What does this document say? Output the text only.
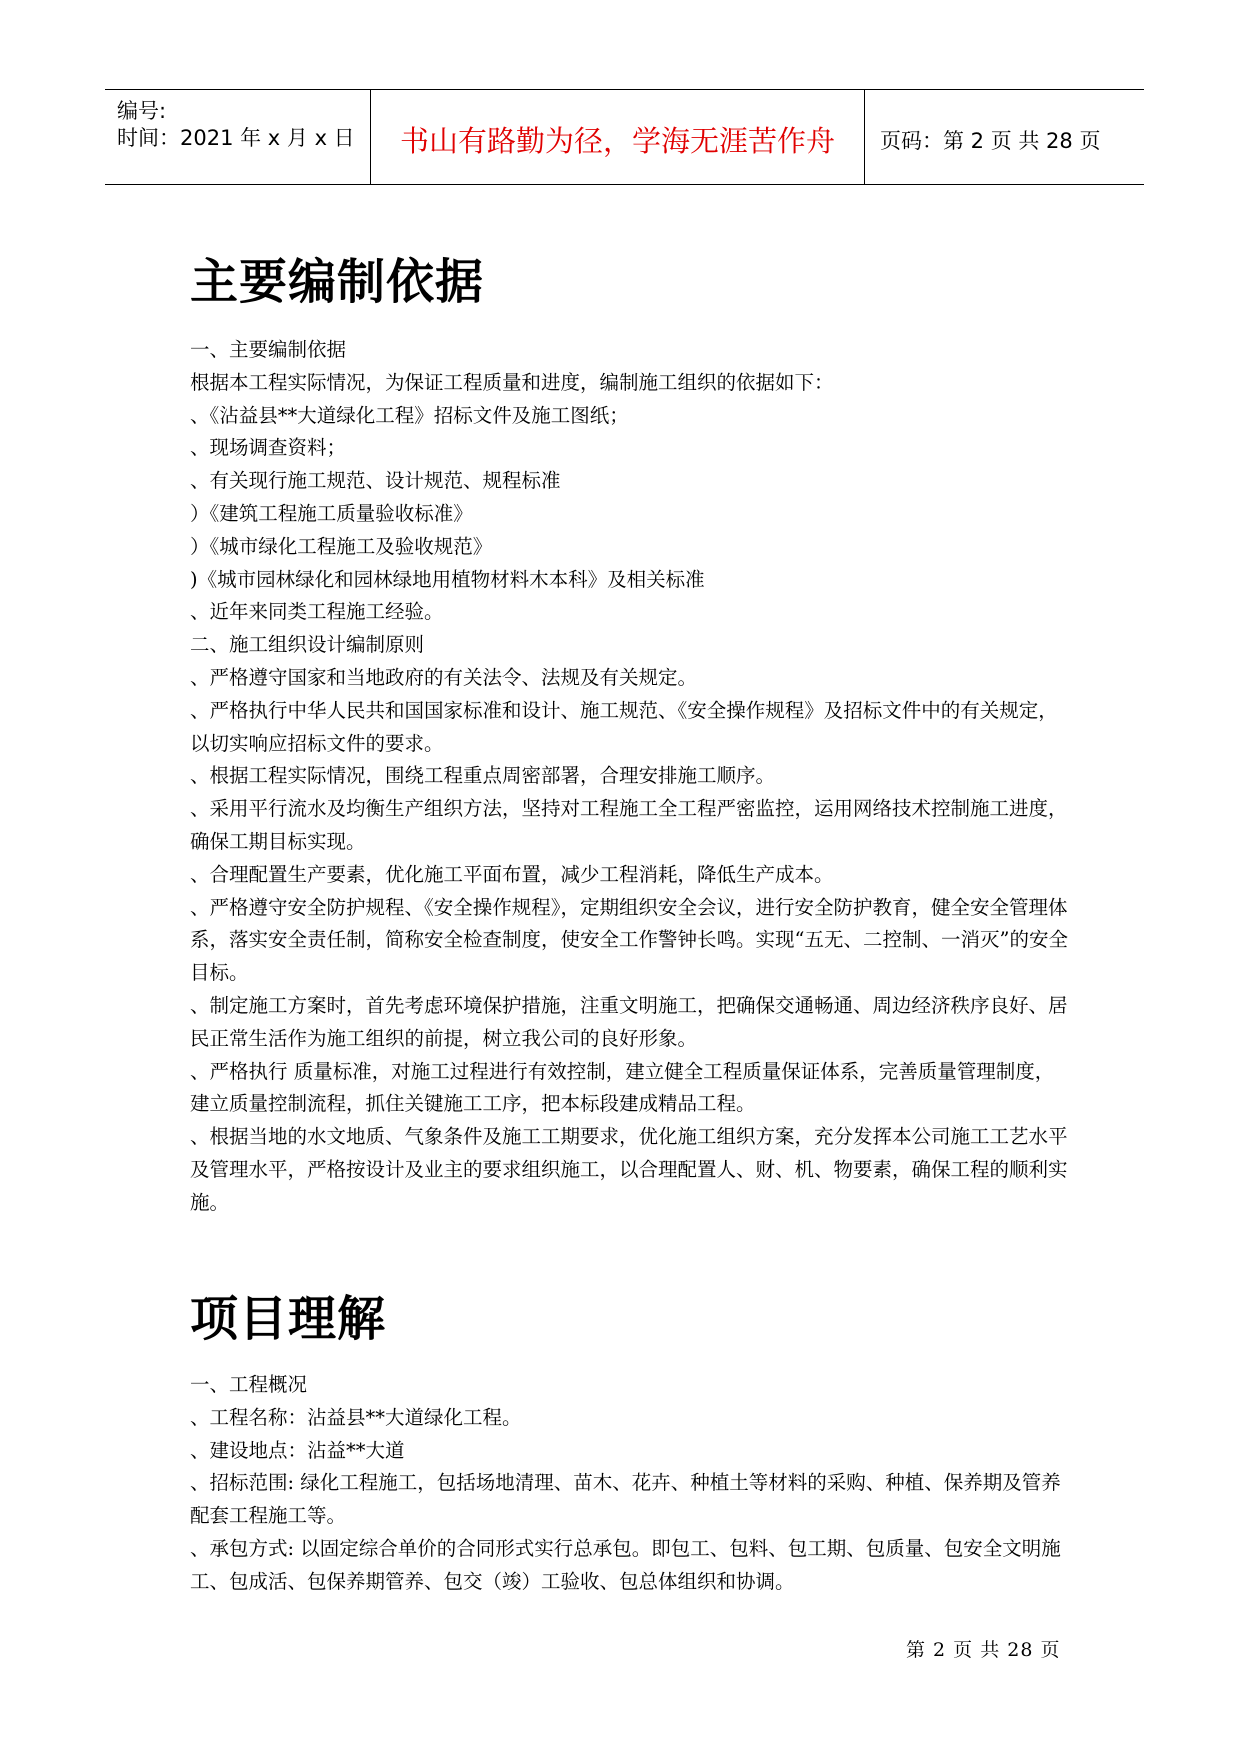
编号:
时间：2021 年 x 月 x 日	书山有路勤为径，学海无涯苦作舟	页码：第 2 页 共 28 页
主要编制依据

一、主要编制依据

根据本工程实际情况，为保证工程质量和进度，编制施工组织的依据如下：

、《沾益县**大道绿化工程》招标文件及施工图纸；

、现场调查资料；

、有关现行施工规范、设计规范、规程标准

）《建筑工程施工质量验收标准》

）《城市绿化工程施工及验收规范》

)《城市园林绿化和园林绿地用植物材料木本科》及相关标准

、近年来同类工程施工经验。

二、施工组织设计编制原则

、严格遵守国家和当地政府的有关法令、法规及有关规定。

、严格执行中华人民共和国国家标准和设计、施工规范、《安全操作规程》及招标文件中的有关规定，以切实响应招标文件的要求。

、根据工程实际情况，围绕工程重点周密部署，合理安排施工顺序。

、采用平行流水及均衡生产组织方法，坚持对工程施工全工程严密监控，运用网络技术控制施工进度，确保工期目标实现。

、合理配置生产要素，优化施工平面布置，减少工程消耗，降低生产成本。

、严格遵守安全防护规程、《安全操作规程》，定期组织安全会议，进行安全防护教育，健全安全管理体系，落实安全责任制，简称安全检查制度，使安全工作警钟长鸣。实现“五无、二控制、一消灭”的安全目标。

、制定施工方案时，首先考虑环境保护措施，注重文明施工，把确保交通畅通、周边经济秩序良好、居民正常生活作为施工组织的前提，树立我公司的良好形象。

、严格执行 质量标准，对施工过程进行有效控制，建立健全工程质量保证体系，完善质量管理制度，建立质量控制流程，抓住关键施工工序，把本标段建成精品工程。

、根据当地的水文地质、气象条件及施工工期要求，优化施工组织方案，充分发挥本公司施工工艺水平及管理水平，严格按设计及业主的要求组织施工，以合理配置人、财、机、物要素，确保工程的顺利实施。

项目理解

一、工程概况

、工程名称：沾益县**大道绿化工程。

、建设地点：沾益**大道

、招标范围: 绿化工程施工，包括场地清理、苗木、花卉、种植土等材料的采购、种植、保养期及管养配套工程施工等。

、承包方式: 以固定综合单价的合同形式实行总承包。即包工、包料、包工期、包质量、包安全文明施工、包成活、包保养期管养、包交（竣）工验收、包总体组织和协调。

第 2 页 共 28 页
